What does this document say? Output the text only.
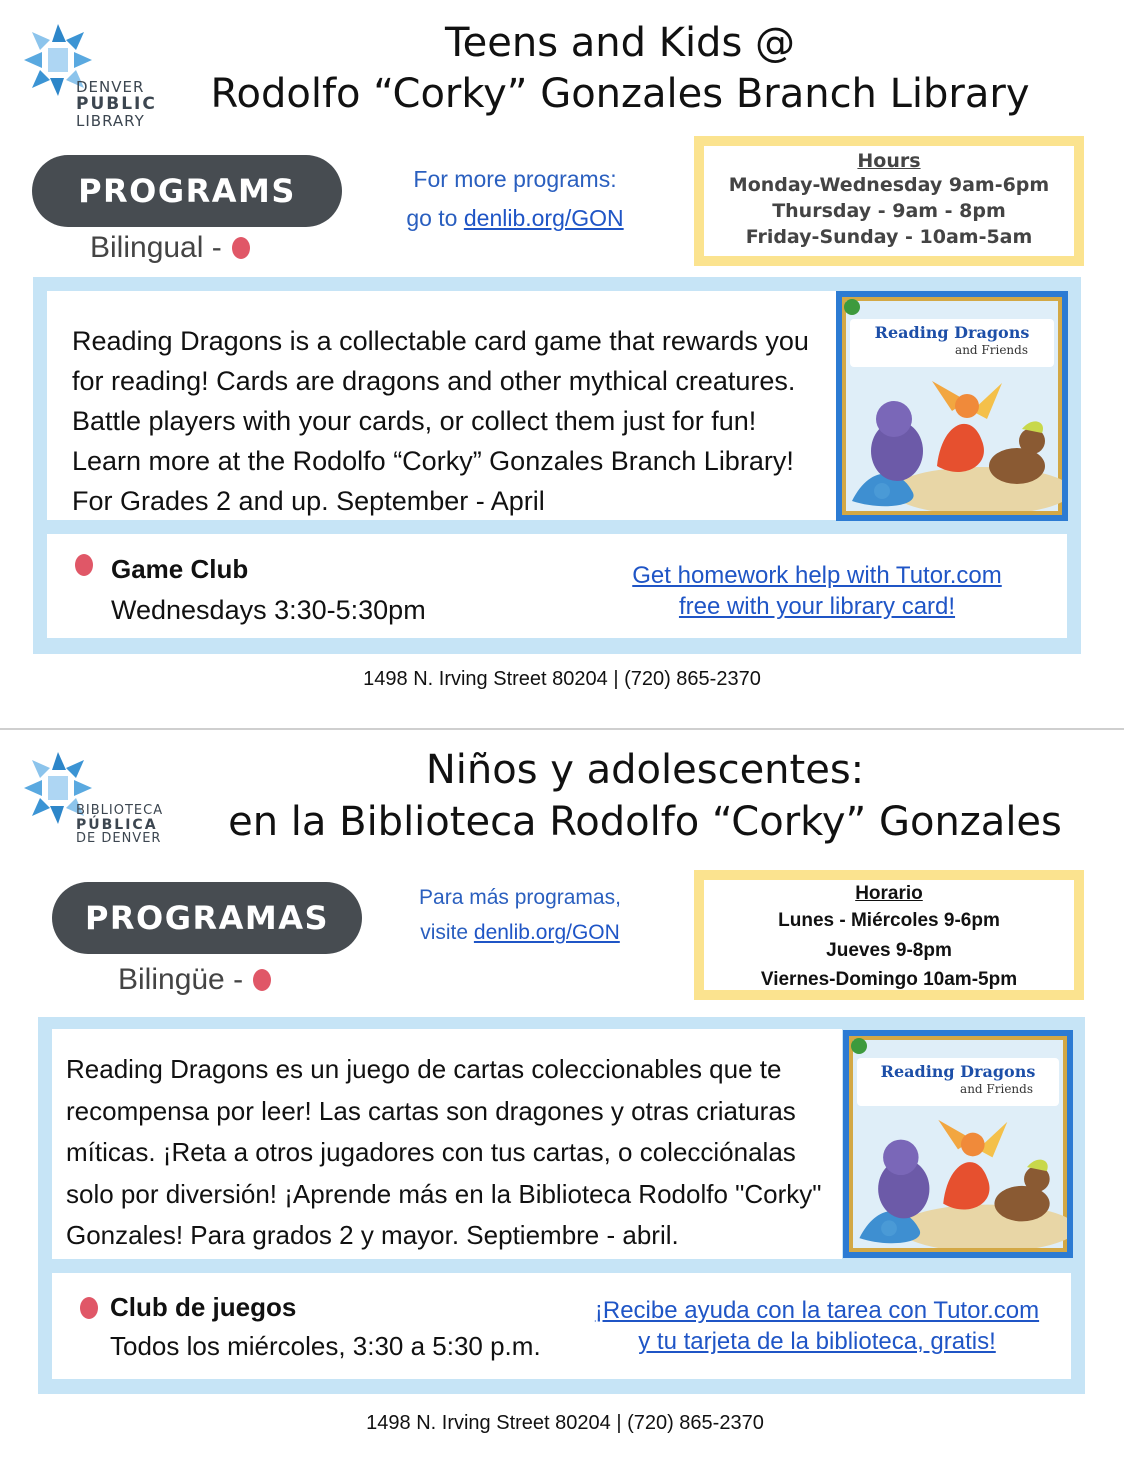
DENVER
PUBLIC
LIBRARY
Teens and Kids @
Rodolfo “Corky” Gonzales Branch Library
PROGRAMS
Bilingual -
For more programs:
go to denlib.org/GON
Hours
Monday-Wednesday 9am-6pm
Thursday - 9am - 8pm
Friday-Sunday - 10am-5am
Reading Dragons is a collectable card game that rewards you for reading! Cards are dragons and other mythical creatures. Battle players with your cards, or collect them just for fun! Learn more at the Rodolfo “Corky” Gonzales Branch Library! For Grades 2 and up. September - April
Reading Dragons
and Friends
Game Club
Wednesdays 3:30-5:30pm
Get homework help with Tutor.com
free with your library card!
1498 N. Irving Street 80204 | (720) 865-2370
BIBLIOTECA
PÚBLICA
DE DENVER
Niños y adolescentes:
en la Biblioteca Rodolfo “Corky” Gonzales
PROGRAMAS
Bilingüe -
Para más programas,
visite denlib.org/GON
Horario
Lunes - Miércoles 9-6pm
Jueves 9-8pm
Viernes-Domingo 10am-5pm
Reading Dragons es un juego de cartas coleccionables que te recompensa por leer! Las cartas son dragones y otras criaturas míticas. ¡Reta a otros jugadores con tus cartas, o colecciónalas solo por diversión! ¡Aprende más en la Biblioteca Rodolfo "Corky" Gonzales! Para grados 2 y mayor. Septiembre - abril.
Reading Dragons
and Friends
Club de juegos
Todos los miércoles, 3:30 a 5:30 p.m.
¡Recibe ayuda con la tarea con Tutor.com
y tu tarjeta de la biblioteca, gratis!
1498 N. Irving Street 80204 | (720) 865-2370
